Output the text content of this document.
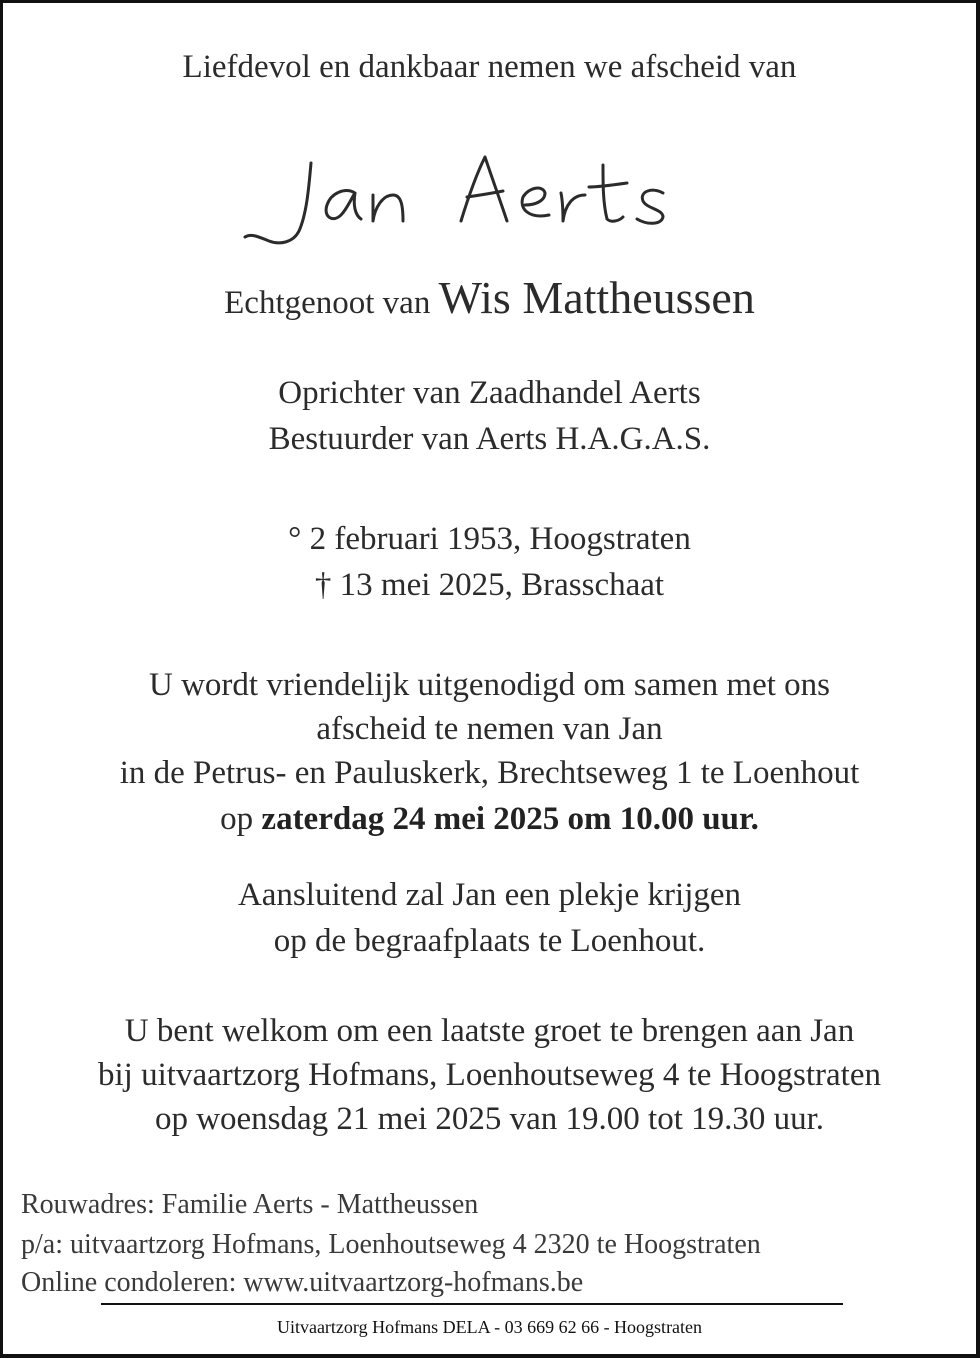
Liefdevol en dankbaar nemen we afscheid van
Echtgenoot van Wis Mattheussen
Oprichter van Zaadhandel Aerts
Bestuurder van Aerts H.A.G.A.S.
° 2 februari 1953, Hoogstraten
† 13 mei 2025, Brasschaat
U wordt vriendelijk uitgenodigd om samen met ons
afscheid te nemen van Jan
in de Petrus- en Pauluskerk, Brechtseweg 1 te Loenhout
op zaterdag 24 mei 2025 om 10.00 uur.
Aansluitend zal Jan een plekje krijgen
op de begraafplaats te Loenhout.
U bent welkom om een laatste groet te brengen aan Jan
bij uitvaartzorg Hofmans, Loenhoutseweg 4 te Hoogstraten
op woensdag 21 mei 2025 van 19.00 tot 19.30 uur.
Rouwadres: Familie Aerts - Mattheussen
p/a: uitvaartzorg Hofmans, Loenhoutseweg 4 2320 te Hoogstraten
Online condoleren: www.uitvaartzorg-hofmans.be
Uitvaartzorg Hofmans DELA - 03 669 62 66 - Hoogstraten
